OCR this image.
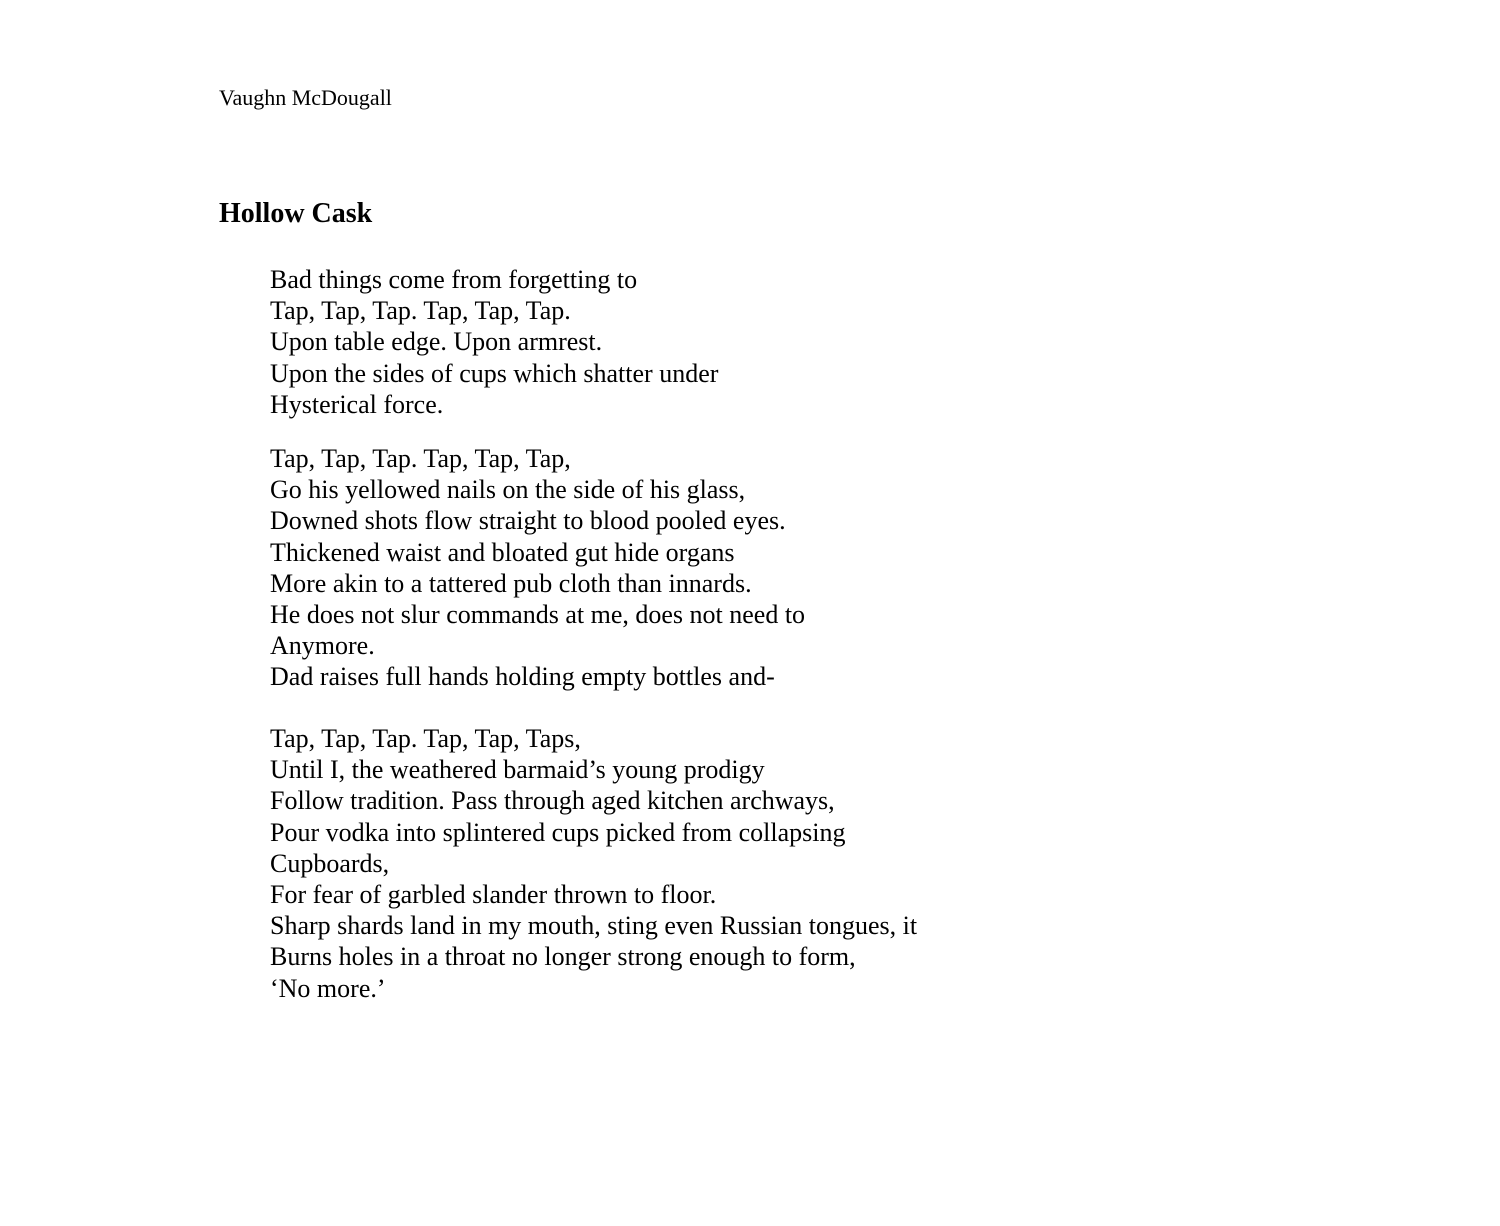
Vaughn McDougall
Hollow Cask
Bad things come from forgetting to
Tap, Tap, Tap. Tap, Tap, Tap.
Upon table edge. Upon armrest.
Upon the sides of cups which shatter under
Hysterical force.
Tap, Tap, Tap. Tap, Tap, Tap,
Go his yellowed nails on the side of his glass,
Downed shots flow straight to blood pooled eyes.
Thickened waist and bloated gut hide organs
More akin to a tattered pub cloth than innards.
He does not slur commands at me, does not need to
Anymore.
Dad raises full hands holding empty bottles and-
Tap, Tap, Tap. Tap, Tap, Taps,
Until I, the weathered barmaid’s young prodigy
Follow tradition. Pass through aged kitchen archways,
Pour vodka into splintered cups picked from collapsing
Cupboards,
For fear of garbled slander thrown to floor.
Sharp shards land in my mouth, sting even Russian tongues, it
Burns holes in a throat no longer strong enough to form,
‘No more.’
